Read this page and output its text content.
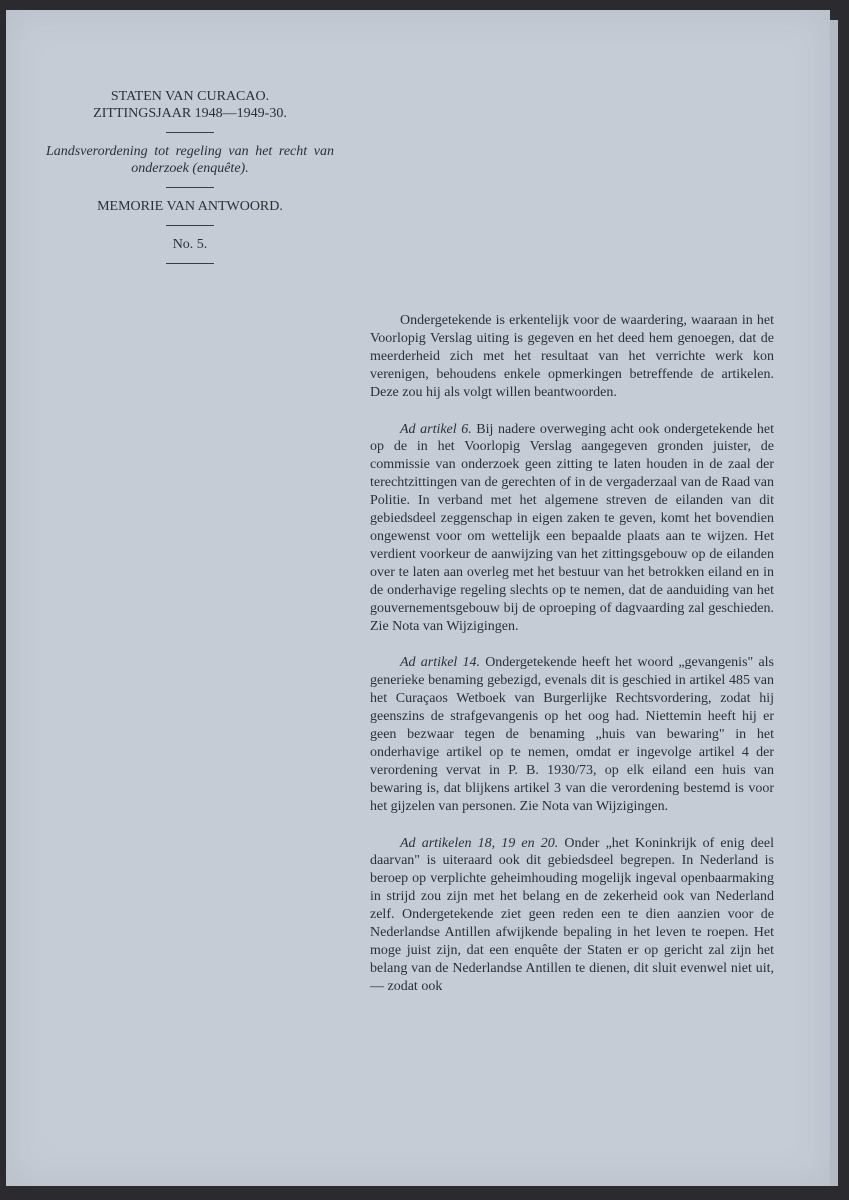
STATEN VAN CURACAO.
ZITTINGSJAAR 1948—1949-30.
Landsverordening tot regeling van het recht van onderzoek (enquête).
MEMORIE VAN ANTWOORD.
No. 5.

Ondergetekende is erkentelijk voor de waardering, waaraan in het Voorlopig Verslag uiting is gegeven en het deed hem genoegen, dat de meerderheid zich met het resultaat van het verrichte werk kon verenigen, behoudens enkele opmerkingen betreffende de artikelen. Deze zou hij als volgt willen beantwoorden.

Ad artikel 6. Bij nadere overweging acht ook ondergetekende het op de in het Voorlopig Verslag aangegeven gronden juister, de commissie van onderzoek geen zitting te laten houden in de zaal der terechtzittingen van de gerechten of in de vergaderzaal van de Raad van Politie. In verband met het algemene streven de eilanden van dit gebiedsdeel zeggenschap in eigen zaken te geven, komt het bovendien ongewenst voor om wettelijk een bepaalde plaats aan te wijzen. Het verdient voorkeur de aanwijzing van het zittingsgebouw op de eilanden over te laten aan overleg met het bestuur van het betrokken eiland en in de onderhavige regeling slechts op te nemen, dat de aanduiding van het gouvernementsgebouw bij de oproeping of dagvaarding zal geschieden. Zie Nota van Wijzigingen.

Ad artikel 14. Ondergetekende heeft het woord „gevangenis" als generieke benaming gebezigd, evenals dit is geschied in artikel 485 van het Curaçaos Wetboek van Burgerlijke Rechtsvordering, zodat hij geenszins de strafgevangenis op het oog had. Niettemin heeft hij er geen bezwaar tegen de benaming „huis van bewaring" in het onderhavige artikel op te nemen, omdat er ingevolge artikel 4 der verordening vervat in P. B. 1930/73, op elk eiland een huis van bewaring is, dat blijkens artikel 3 van die verordening bestemd is voor het gijzelen van personen. Zie Nota van Wijzigingen.

Ad artikelen 18, 19 en 20. Onder „het Koninkrijk of enig deel daarvan" is uiteraard ook dit gebiedsdeel begrepen. In Nederland is beroep op verplichte geheimhouding mogelijk ingeval openbaarmaking in strijd zou zijn met het belang en de zekerheid ook van Nederland zelf. Ondergetekende ziet geen reden een te dien aanzien voor de Nederlandse Antillen afwijkende bepaling in het leven te roepen. Het moge juist zijn, dat een enquête der Staten er op gericht zal zijn het belang van de Nederlandse Antillen te dienen, dit sluit evenwel niet uit, — zodat ook
